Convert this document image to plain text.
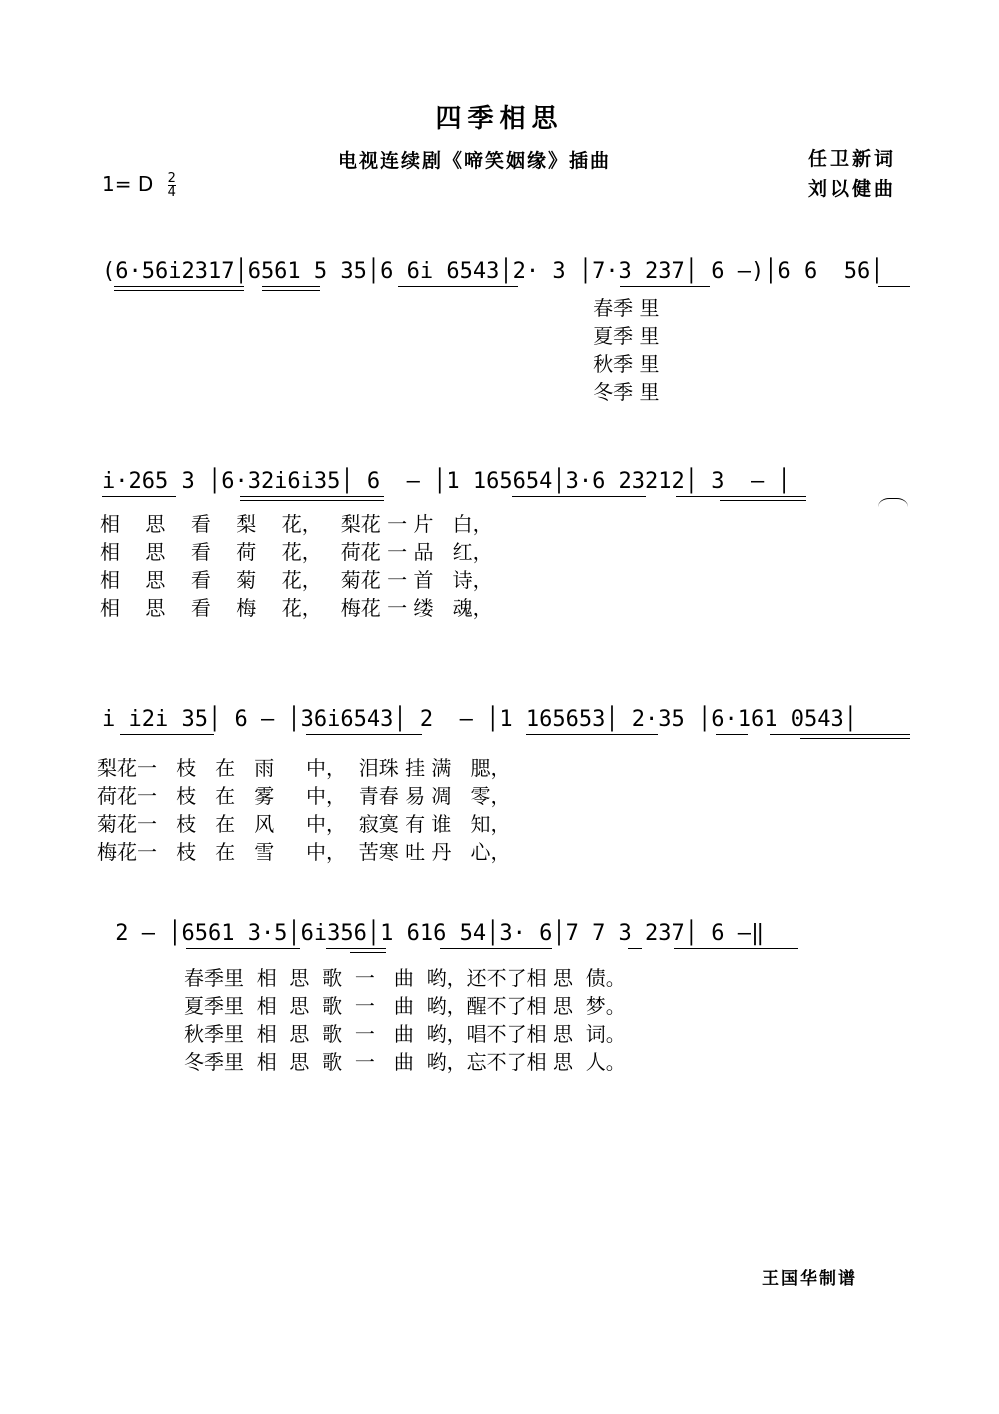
四季相思
电视连续剧《啼笑姻缘》插曲	任卫新词
刘以健曲
1= D $\frac{2}{4}$
(6·56i2317│6561 5 35│6 6i 6543│2· 3 │7·3 237│ 6 —)│6 6  56│
春季 里
夏季 里
秋季 里
冬季 里
i·265 3 │6·32i6i35│ 6  — │1 165654│3·6 23212│ 3  — │
相    思    看    梨    花，   梨花 一 片   白，
相    思    看    荷    花，   荷花 一 品   红，
相    思    看    菊    花，   菊花 一 首   诗，
相    思    看    梅    花，   梅花 一 缕   魂，
i i2i 35│ 6 — │36i6543│ 2  — │1 165653│ 2·35 │6·161 0543│
梨花一   枝   在   雨     中，  泪珠 挂 满   腮，
荷花一   枝   在   雾     中，  青春 易 凋   零，
菊花一   枝   在   风     中，  寂寞 有 谁   知，
梅花一   枝   在   雪     中，  苦寒 吐 丹   心，
2 — │6561 3·5│6i356│1 616 54│3· 6│7 7 3 237│ 6 —‖
春季里  相  思  歌  一   曲  哟，还不了相 思  债。
夏季里  相  思  歌  一   曲  哟，醒不了相 思  梦。
秋季里  相  思  歌  一   曲  哟，唱不了相 思  词。
冬季里  相  思  歌  一   曲  哟，忘不了相 思  人。
王国华制谱
